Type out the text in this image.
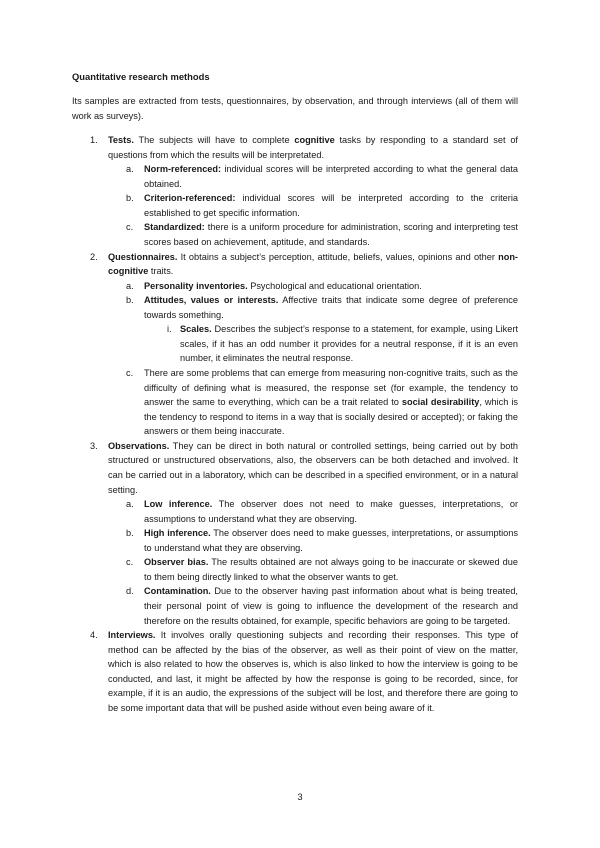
Quantitative research methods

Its samples are extracted from tests, questionnaires, by observation, and through interviews (all of them will work as surveys).

1. Tests. The subjects will have to complete cognitive tasks by responding to a standard set of questions from which the results will be interpretated.
a. Norm-referenced: individual scores will be interpreted according to what the general data obtained.
b. Criterion-referenced: individual scores will be interpreted according to the criteria established to get specific information.
c. Standardized: there is a uniform procedure for administration, scoring and interpreting test scores based on achievement, aptitude, and standards.
2. Questionnaires. It obtains a subject’s perception, attitude, beliefs, values, opinions and other non-cognitive traits.
a. Personality inventories. Psychological and educational orientation.
b. Attitudes, values or interests. Affective traits that indicate some degree of preference towards something.
i. Scales. Describes the subject’s response to a statement, for example, using Likert scales, if it has an odd number it provides for a neutral response, if it is an even number, it eliminates the neutral response.
c. There are some problems that can emerge from measuring non-cognitive traits, such as the difficulty of defining what is measured, the response set (for example, the tendency to answer the same to everything, which can be a trait related to social desirability, which is the tendency to respond to items in a way that is socially desired or accepted); or faking the answers or them being inaccurate.
3. Observations. They can be direct in both natural or controlled settings, being carried out by both structured or unstructured observations, also, the observers can be both detached and involved. It can be carried out in a laboratory, which can be described in a specified environment, or in a natural setting.
a. Low inference. The observer does not need to make guesses, interpretations, or assumptions to understand what they are observing.
b. High inference. The observer does need to make guesses, interpretations, or assumptions to understand what they are observing.
c. Observer bias. The results obtained are not always going to be inaccurate or skewed due to them being directly linked to what the observer wants to get.
d. Contamination. Due to the observer having past information about what is being treated, their personal point of view is going to influence the development of the research and therefore on the results obtained, for example, specific behaviors are going to be targeted.
4. Interviews. It involves orally questioning subjects and recording their responses. This type of method can be affected by the bias of the observer, as well as their point of view on the matter, which is also related to how the observes is, which is also linked to how the interview is going to be conducted, and last, it might be affected by how the response is going to be recorded, since, for example, if it is an audio, the expressions of the subject will be lost, and therefore there are going to be some important data that will be pushed aside without even being aware of it.
3
